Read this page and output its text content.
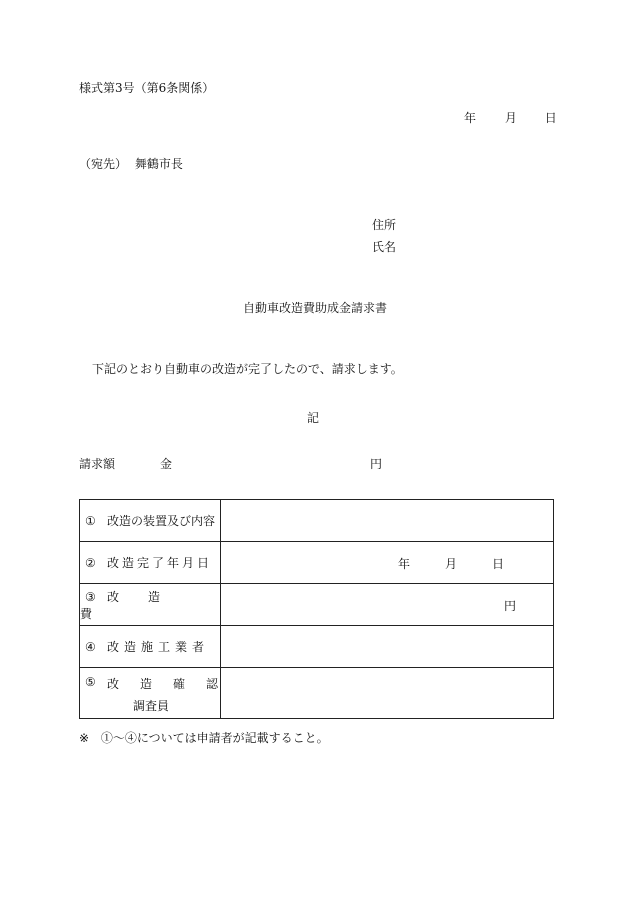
様式第3号（第6条関係）
年 月 日
（宛先） 舞鶴市長
住所
氏名
自動車改造費助成金請求書
下記のとおり自動車の改造が完了したので、請求します。
記
請求額	金	円
① 改造の装置及び内容	
② 改造完了年月日	年 月 日

③ 改造費	円

④ 改造施工業者	

⑤ 改造確認
調査員	

※ ①～④については申請者が記載すること。
